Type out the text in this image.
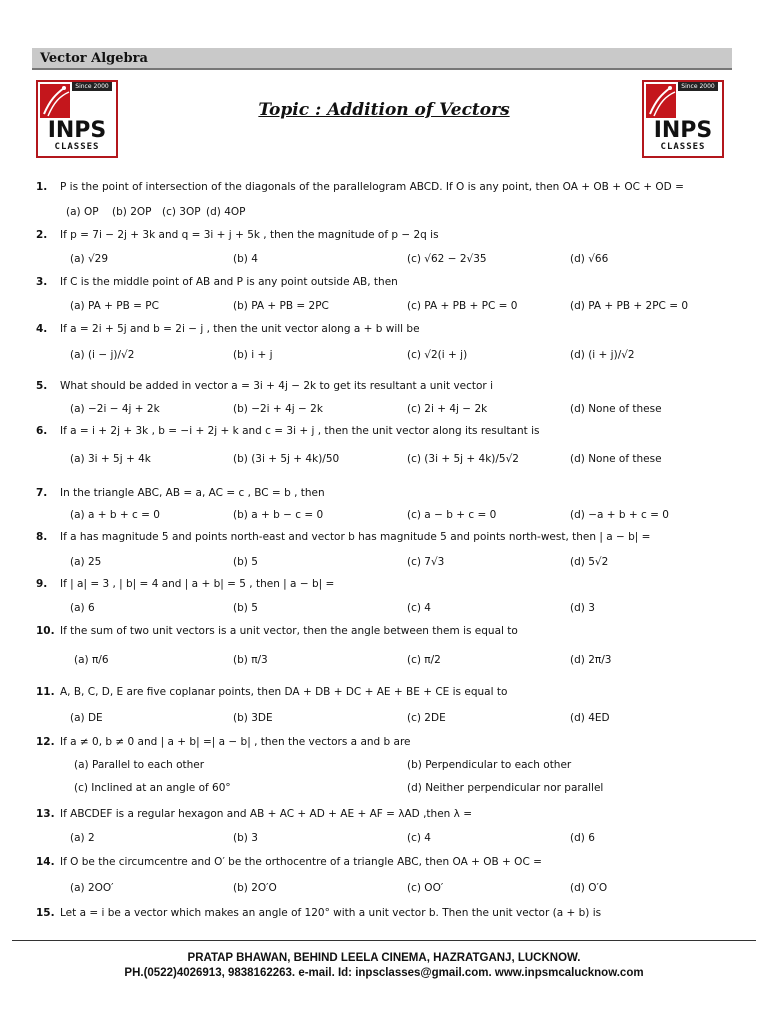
Vector Algebra
Since 2000
INPS
CLASSES
Since 2000
INPS
CLASSES
Topic : Addition of Vectors
1. P is the point of intersection of the diagonals of the parallelogram ABCD. If O is any point, then OA + OB + OC + OD =
(a) OP (b) 2OP (c) 3OP (d) 4OP
2. If p = 7i − 2j + 3k and q = 3i + j + 5k , then the magnitude of p − 2q is
(a) √29	(b) 4	(c) √62 − 2√35	(d) √66
3. If C is the middle point of AB and P is any point outside AB, then
(a) PA + PB = PC	(b) PA + PB = 2PC	(c) PA + PB + PC = 0	(d) PA + PB + 2PC = 0
4. If a = 2i + 5j and b = 2i − j , then the unit vector along a + b will be
(a) (i − j)/√2	(b) i + j	(c) √2(i + j)	(d) (i + j)/√2
5. What should be added in vector a = 3i + 4j − 2k to get its resultant a unit vector i
(a) −2i − 4j + 2k	(b) −2i + 4j − 2k	(c) 2i + 4j − 2k	(d) None of these
6. If a = i + 2j + 3k , b = −i + 2j + k and c = 3i + j , then the unit vector along its resultant is
(a) 3i + 5j + 4k	(b) (3i + 5j + 4k)/50	(c) (3i + 5j + 4k)/5√2	(d) None of these
7. In the triangle ABC, AB = a, AC = c , BC = b , then
(a) a + b + c = 0	(b) a + b − c = 0	(c) a − b + c = 0	(d) −a + b + c = 0
8. If a has magnitude 5 and points north-east and vector b has magnitude 5 and points north-west, then | a − b| =
(a) 25	(b) 5	(c) 7√3	(d) 5√2
9. If | a| = 3 , | b| = 4 and | a + b| = 5 , then | a − b| =
(a) 6	(b) 5	(c) 4	(d) 3
10. If the sum of two unit vectors is a unit vector, then the angle between them is equal to
(a) π/6	(b) π/3	(c) π/2	(d) 2π/3
11. A, B, C, D, E are five coplanar points, then DA + DB + DC + AE + BE + CE is equal to
(a) DE	(b) 3DE	(c) 2DE	(d) 4ED
12. If a ≠ 0, b ≠ 0 and | a + b| =| a − b| , then the vectors a and b are
(a) Parallel to each other	(b) Perpendicular to each other
(c) Inclined at an angle of 60°	(d) Neither perpendicular nor parallel
13. If ABCDEF is a regular hexagon and AB + AC + AD + AE + AF = λAD ,then λ =
(a) 2	(b) 3	(c) 4	(d) 6
14. If O be the circumcentre and O′ be the orthocentre of a triangle ABC, then OA + OB + OC =
(a) 2OO′	(b) 2O′O	(c) OO′	(d) O′O
15. Let a = i be a vector which makes an angle of 120° with a unit vector b. Then the unit vector (a + b) is
PRATAP BHAWAN, BEHIND LEELA CINEMA, HAZRATGANJ, LUCKNOW.
PH.(0522)4026913, 9838162263. e-mail. Id: inpsclasses@gmail.com. www.inpsmcalucknow.com
